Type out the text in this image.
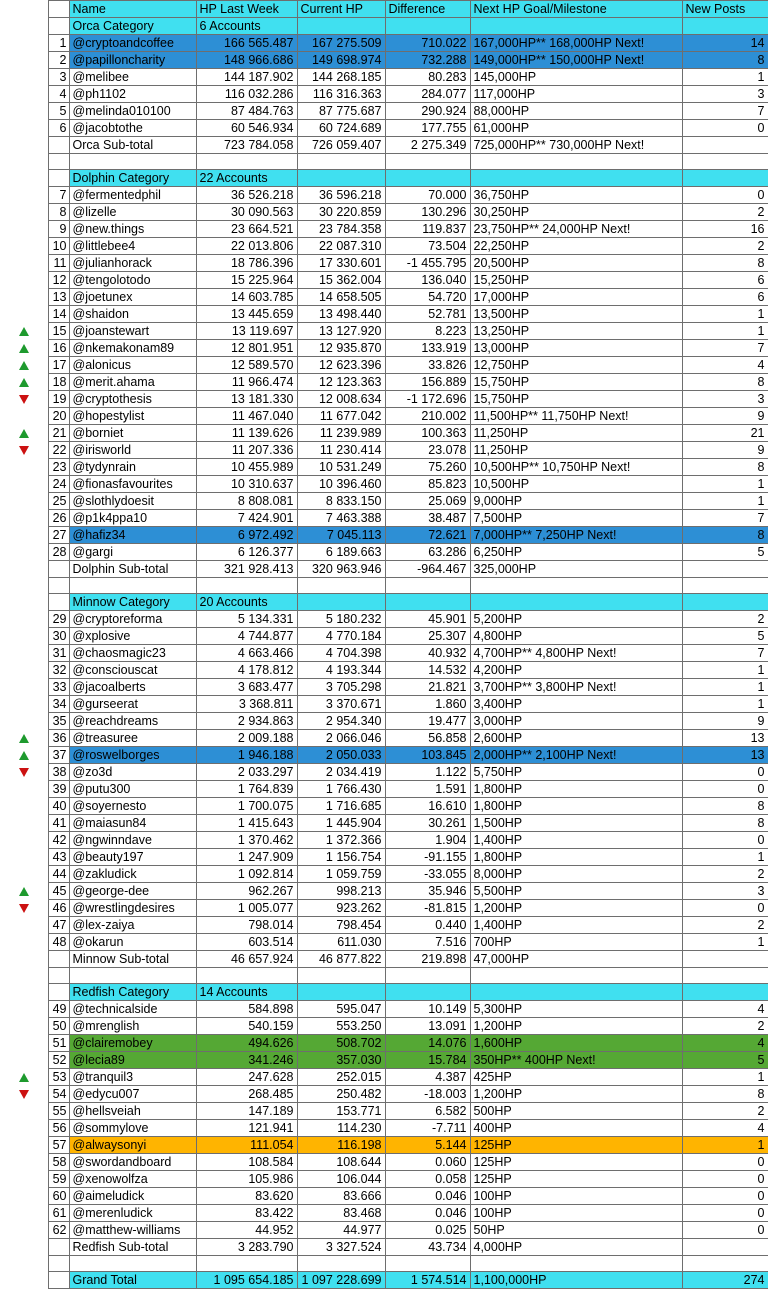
		Name	HP Last Week	Current HP	Difference	Next HP Goal/Milestone	New Posts
		Orca Category	6 Accounts				
	1	@cryptoandcoffee	166 565.487	167 275.509	710.022	167,000HP** 168,000HP Next!	14
	2	@papilloncharity	148 966.686	149 698.974	732.288	149,000HP** 150,000HP Next!	8
	3	@melibee	144 187.902	144 268.185	80.283	145,000HP	1
	4	@ph1102	116 032.286	116 316.363	284.077	117,000HP	3
	5	@melinda010100	87 484.763	87 775.687	290.924	88,000HP	7
	6	@jacobtothe	60 546.934	60 724.689	177.755	61,000HP	0
		Orca Sub-total	723 784.058	726 059.407	2 275.349	725,000HP** 730,000HP Next!	

		Dolphin Category	22 Accounts				
	7	@fermentedphil	36 526.218	36 596.218	70.000	36,750HP	0
	8	@lizelle	30 090.563	30 220.859	130.296	30,250HP	2
	9	@new.things	23 664.521	23 784.358	119.837	23,750HP** 24,000HP Next!	16
	10	@littlebee4	22 013.806	22 087.310	73.504	22,250HP	2
	11	@julianhorack	18 786.396	17 330.601	-1 455.795	20,500HP	8
	12	@tengolotodo	15 225.964	15 362.004	136.040	15,250HP	6
	13	@joetunex	14 603.785	14 658.505	54.720	17,000HP	6
	14	@shaidon	13 445.659	13 498.440	52.781	13,500HP	1
	15	@joanstewart	13 119.697	13 127.920	8.223	13,250HP	1
	16	@nkemakonam89	12 801.951	12 935.870	133.919	13,000HP	7
	17	@alonicus	12 589.570	12 623.396	33.826	12,750HP	4
	18	@merit.ahama	11 966.474	12 123.363	156.889	15,750HP	8
	19	@cryptothesis	13 181.330	12 008.634	-1 172.696	15,750HP	3
	20	@hopestylist	11 467.040	11 677.042	210.002	11,500HP** 11,750HP Next!	9
	21	@borniet	11 139.626	11 239.989	100.363	11,250HP	21
	22	@irisworld	11 207.336	11 230.414	23.078	11,250HP	9
	23	@tydynrain	10 455.989	10 531.249	75.260	10,500HP** 10,750HP Next!	8
	24	@fionasfavourites	10 310.637	10 396.460	85.823	10,500HP	1
	25	@slothlydoesit	8 808.081	8 833.150	25.069	9,000HP	1
	26	@p1k4ppa10	7 424.901	7 463.388	38.487	7,500HP	7
	27	@hafiz34	6 972.492	7 045.113	72.621	7,000HP** 7,250HP Next!	8
	28	@gargi	6 126.377	6 189.663	63.286	6,250HP	5
		Dolphin Sub-total	321 928.413	320 963.946	-964.467	325,000HP	

		Minnow Category	20 Accounts				
	29	@cryptoreforma	5 134.331	5 180.232	45.901	5,200HP	2
	30	@xplosive	4 744.877	4 770.184	25.307	4,800HP	5
	31	@chaosmagic23	4 663.466	4 704.398	40.932	4,700HP** 4,800HP Next!	7
	32	@consciouscat	4 178.812	4 193.344	14.532	4,200HP	1
	33	@jacoalberts	3 683.477	3 705.298	21.821	3,700HP** 3,800HP Next!	1
	34	@gurseerat	3 368.811	3 370.671	1.860	3,400HP	1
	35	@reachdreams	2 934.863	2 954.340	19.477	3,000HP	9
	36	@treasuree	2 009.188	2 066.046	56.858	2,600HP	13
	37	@roswelborges	1 946.188	2 050.033	103.845	2,000HP** 2,100HP Next!	13
	38	@zo3d	2 033.297	2 034.419	1.122	5,750HP	0
	39	@putu300	1 764.839	1 766.430	1.591	1,800HP	0
	40	@soyernesto	1 700.075	1 716.685	16.610	1,800HP	8
	41	@maiasun84	1 415.643	1 445.904	30.261	1,500HP	8
	42	@ngwinndave	1 370.462	1 372.366	1.904	1,400HP	0
	43	@beauty197	1 247.909	1 156.754	-91.155	1,800HP	1
	44	@zakludick	1 092.814	1 059.759	-33.055	8,000HP	2
	45	@george-dee	962.267	998.213	35.946	5,500HP	3
	46	@wrestlingdesires	1 005.077	923.262	-81.815	1,200HP	0
	47	@lex-zaiya	798.014	798.454	0.440	1,400HP	2
	48	@okarun	603.514	611.030	7.516	700HP	1
		Minnow Sub-total	46 657.924	46 877.822	219.898	47,000HP	

		Redfish Category	14 Accounts				
	49	@technicalside	584.898	595.047	10.149	5,300HP	4
	50	@mrenglish	540.159	553.250	13.091	1,200HP	2
	51	@clairemobey	494.626	508.702	14.076	1,600HP	4
	52	@lecia89	341.246	357.030	15.784	350HP** 400HP Next!	5
	53	@tranquil3	247.628	252.015	4.387	425HP	1
	54	@edycu007	268.485	250.482	-18.003	1,200HP	8
	55	@hellsveiah	147.189	153.771	6.582	500HP	2
	56	@sommylove	121.941	114.230	-7.711	400HP	4
	57	@alwaysonyi	111.054	116.198	5.144	125HP	1
	58	@swordandboard	108.584	108.644	0.060	125HP	0
	59	@xenowolfza	105.986	106.044	0.058	125HP	0
	60	@aimeludick	83.620	83.666	0.046	100HP	0
	61	@merenludick	83.422	83.468	0.046	100HP	0
	62	@matthew-williams	44.952	44.977	0.025	50HP	0
		Redfish Sub-total	3 283.790	3 327.524	43.734	4,000HP	

		Grand Total	1 095 654.185	1 097 228.699	1 574.514	1,100,000HP	274
